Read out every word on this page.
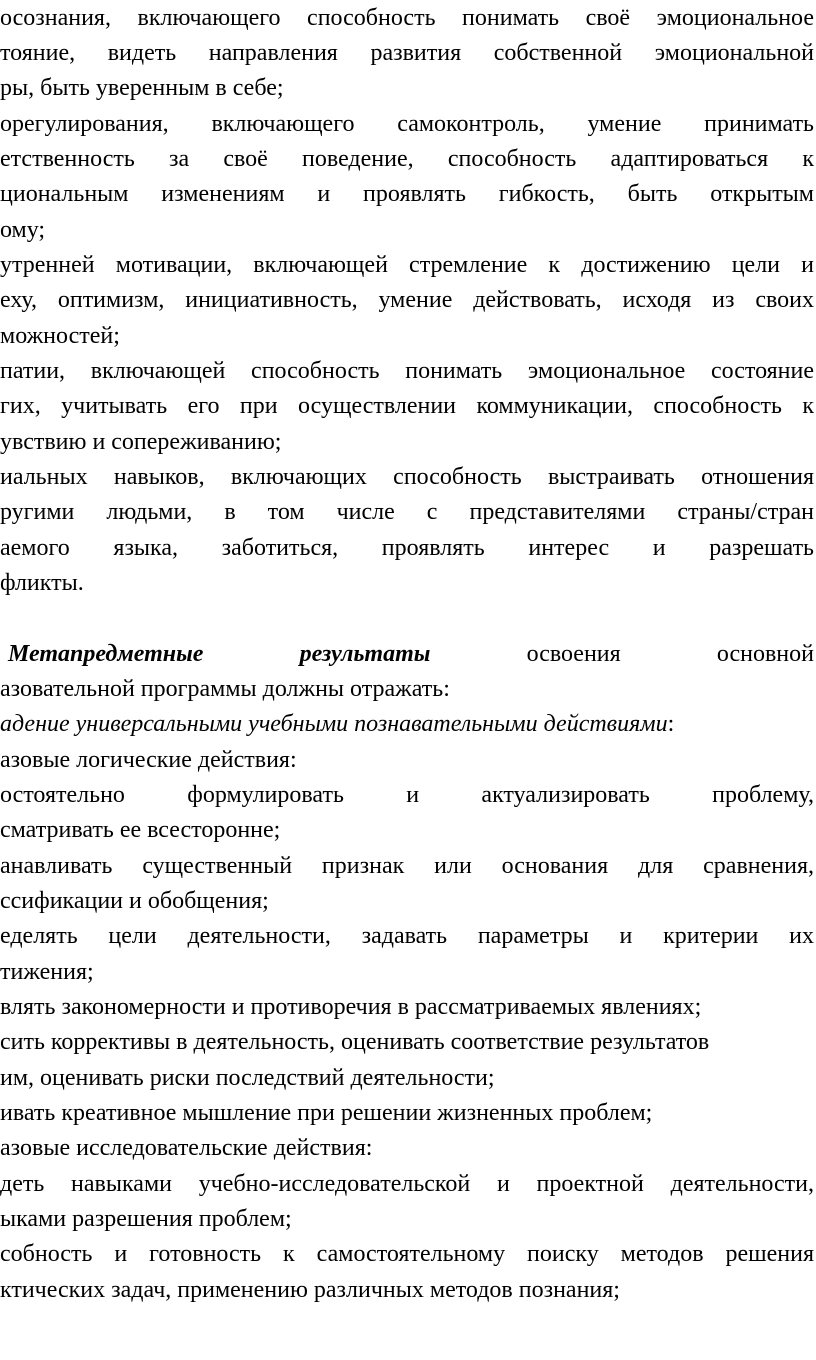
осознания, включающего способность понимать своё эмоциональное

тояние, видеть направления развития собственной эмоциональной

ры, быть уверенным в себе;

орегулирования, включающего самоконтроль, умение принимать

етственность за своё поведение, способность адаптироваться к

циональным изменениям и проявлять гибкость, быть открытым

ому;

утренней мотивации, включающей стремление к достижению цели и

еху, оптимизм, инициативность, умение действовать, исходя из своих

можностей;

патии, включающей способность понимать эмоциональное состояние

гих, учитывать его при осуществлении коммуникации, способность к

увствию и сопереживанию;

иальных навыков, включающих способность выстраивать отношения

ругими людьми, в том числе с представителями страны/стран

аемого языка, заботиться, проявлять интерес и разрешать

фликты.

Метапредметные	результаты	освоения	основной

азовательной программы должны отражать:

адение универсальными учебными познавательными действиями:

азовые логические действия:

остоятельно формулировать и актуализировать проблему,

сматривать ее всесторонне;

анавливать существенный признак или основания для сравнения,

ссификации и обобщения;

еделять цели деятельности, задавать параметры и критерии их

тижения;

влять закономерности и противоречия в рассматриваемых явлениях;

сить коррективы в деятельность, оценивать соответствие результатов

им, оценивать риски последствий деятельности;

ивать креативное мышление при решении жизненных проблем;

азовые исследовательские действия:

деть навыками учебно-исследовательской и проектной деятельности,

ыками разрешения проблем;

собность и готовность к самостоятельному поиску методов решения

ктических задач, применению различных методов познания;
